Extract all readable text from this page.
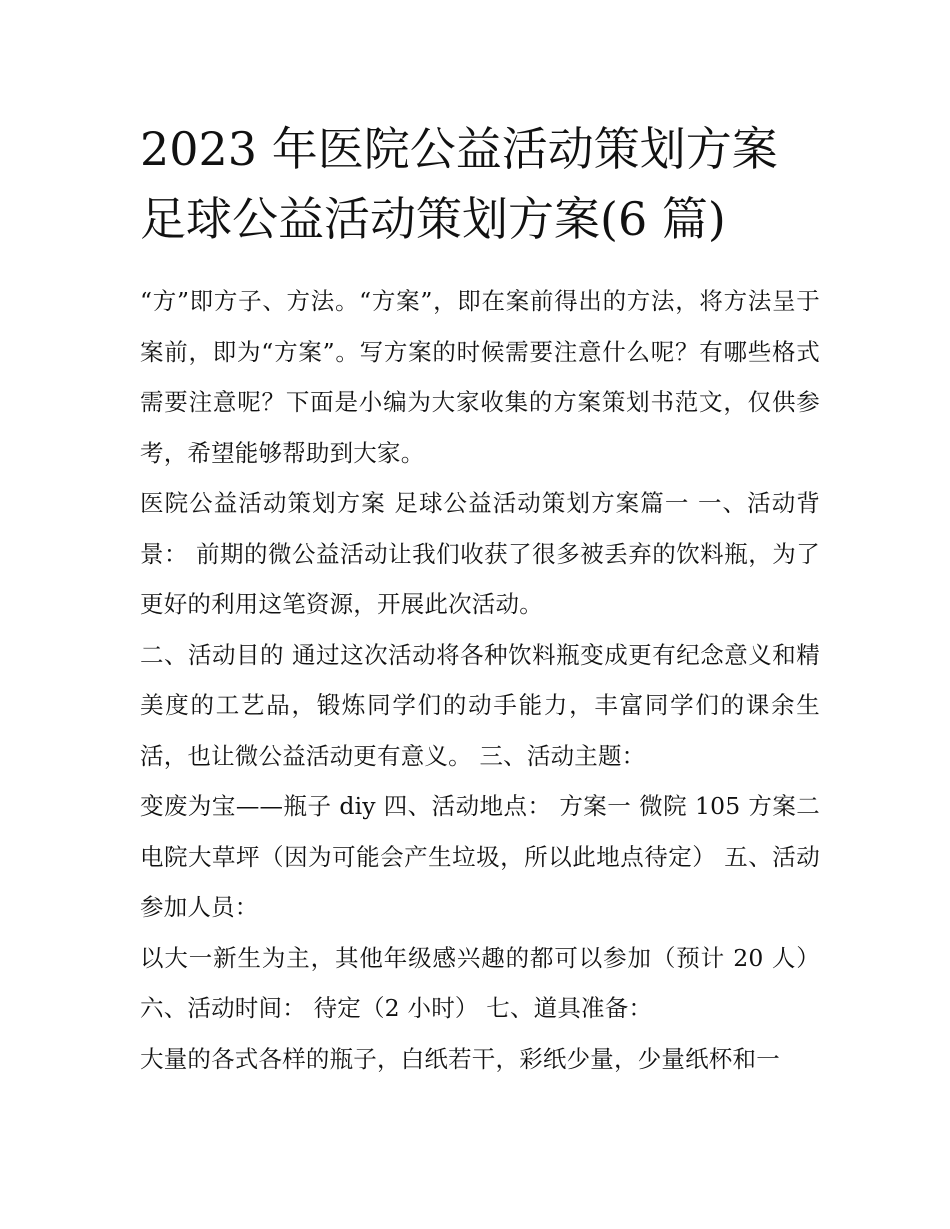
2023 年医院公益活动策划方案
足球公益活动策划方案(6 篇)

“方”即方子、方法。“方案”，即在案前得出的方法，将方法呈于案前，即为“方案”。写方案的时候需要注意什么呢？有哪些格式需要注意呢？下面是小编为大家收集的方案策划书范文，仅供参考，希望能够帮助到大家。

医院公益活动策划方案 足球公益活动策划方案篇一 一、活动背景： 前期的微公益活动让我们收获了很多被丢弃的饮料瓶，为了更好的利用这笔资源，开展此次活动。

二、活动目的 通过这次活动将各种饮料瓶变成更有纪念意义和精美度的工艺品，锻炼同学们的动手能力，丰富同学们的课余生活，也让微公益活动更有意义。 三、活动主题：

变废为宝——瓶子 diy 四、活动地点： 方案一 微院 105 方案二 电院大草坪（因为可能会产生垃圾，所以此地点待定） 五、活动参加人员：

以大一新生为主，其他年级感兴趣的都可以参加（预计 20 人） 六、活动时间： 待定（2 小时） 七、道具准备：

大量的各式各样的瓶子，白纸若干，彩纸少量，少量纸杯和一
